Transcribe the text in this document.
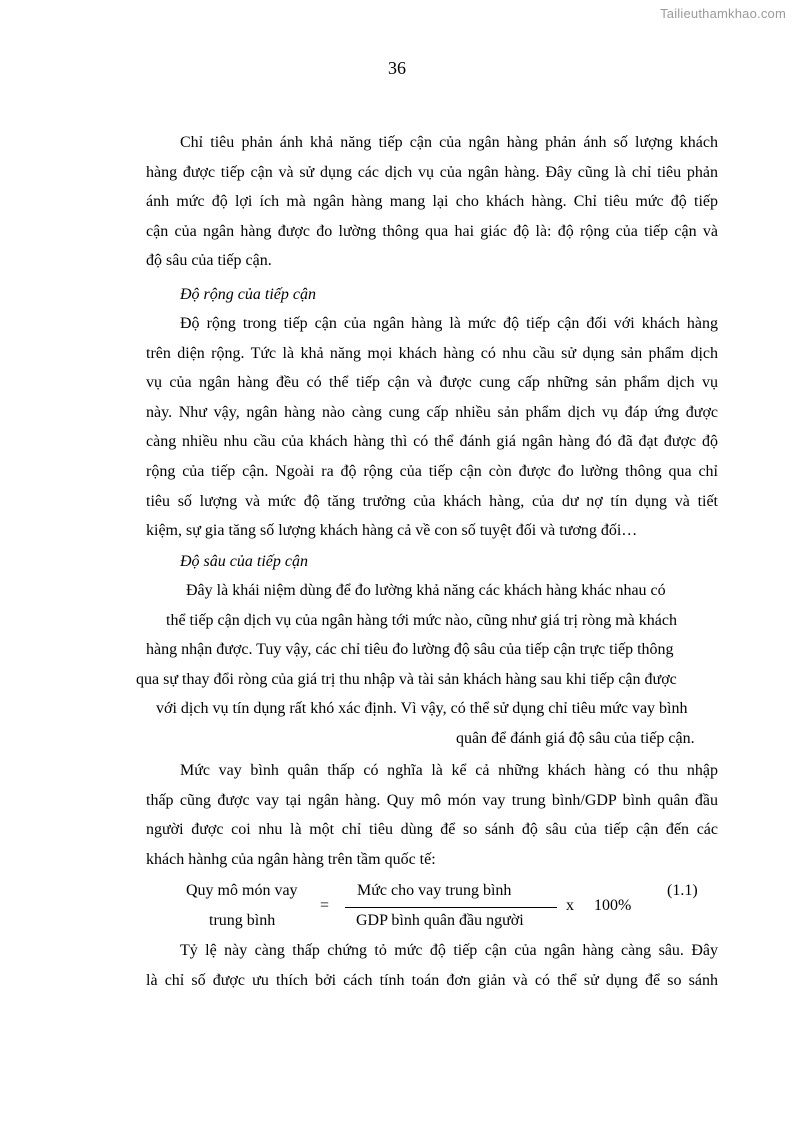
Tailieuthamkhao.com
36
Chỉ tiêu phản ánh khả năng tiếp cận của ngân hàng phản ánh số lượng khách
hàng được tiếp cận và sử dụng các dịch vụ của ngân hàng. Đây cũng là chỉ tiêu phản
ánh mức độ lợi ích mà ngân hàng mang lại cho khách hàng. Chỉ tiêu mức độ tiếp
cận của ngân hàng được đo lường thông qua hai giác độ là: độ rộng của tiếp cận và
độ sâu của tiếp cận.
Độ rộng của tiếp cận
Độ rộng trong tiếp cận của ngân hàng là mức độ tiếp cận đối với khách hàng
trên diện rộng. Tức là khả năng mọi khách hàng có nhu cầu sử dụng sản phẩm dịch
vụ của ngân hàng đều có thể tiếp cận và được cung cấp những sản phẩm dịch vụ
này. Như vậy, ngân hàng nào càng cung cấp nhiều sản phẩm dịch vụ đáp ứng được
càng nhiều nhu cầu của khách hàng thì có thể đánh giá ngân hàng đó đã đạt được độ
rộng của tiếp cận. Ngoài ra độ rộng của tiếp cận còn được đo lường thông qua chỉ
tiêu số lượng và mức độ tăng trưởng của khách hàng, của dư nợ tín dụng và tiết
kiệm, sự gia tăng số lượng khách hàng cả về con số tuyệt đối và tương đối…
Độ sâu của tiếp cận
Đây là khái niệm dùng để đo lường khả năng các khách hàng khác nhau có
thể tiếp cận dịch vụ của ngân hàng tới mức nào, cũng như giá trị ròng mà khách
hàng nhận được. Tuy vậy, các chỉ tiêu đo lường độ sâu của tiếp cận trực tiếp thông
qua sự thay đổi ròng của giá trị thu nhập và tài sản khách hàng sau khi tiếp cận được
với dịch vụ tín dụng rất khó xác định. Vì vậy, có thể sử dụng chỉ tiêu mức vay bình
quân để đánh giá độ sâu của tiếp cận.
Mức vay bình quân thấp có nghĩa là kể cả những khách hàng có thu nhập
thấp cũng được vay tại ngân hàng. Quy mô món vay trung bình/GDP bình quân đầu
người được coi nhu là một chỉ tiêu dùng để so sánh độ sâu của tiếp cận đến các
khách hànhg của ngân hàng trên tầm quốc tế:
Quy mô món vay
trung bình
=
Mức cho vay trung bình
GDP bình quân đầu người
x 100%
(1.1)
Tỷ lệ này càng thấp chứng tỏ mức độ tiếp cận của ngân hàng càng sâu. Đây
là chỉ số được ưu thích bởi cách tính toán đơn giản và có thể sử dụng để so sánh
